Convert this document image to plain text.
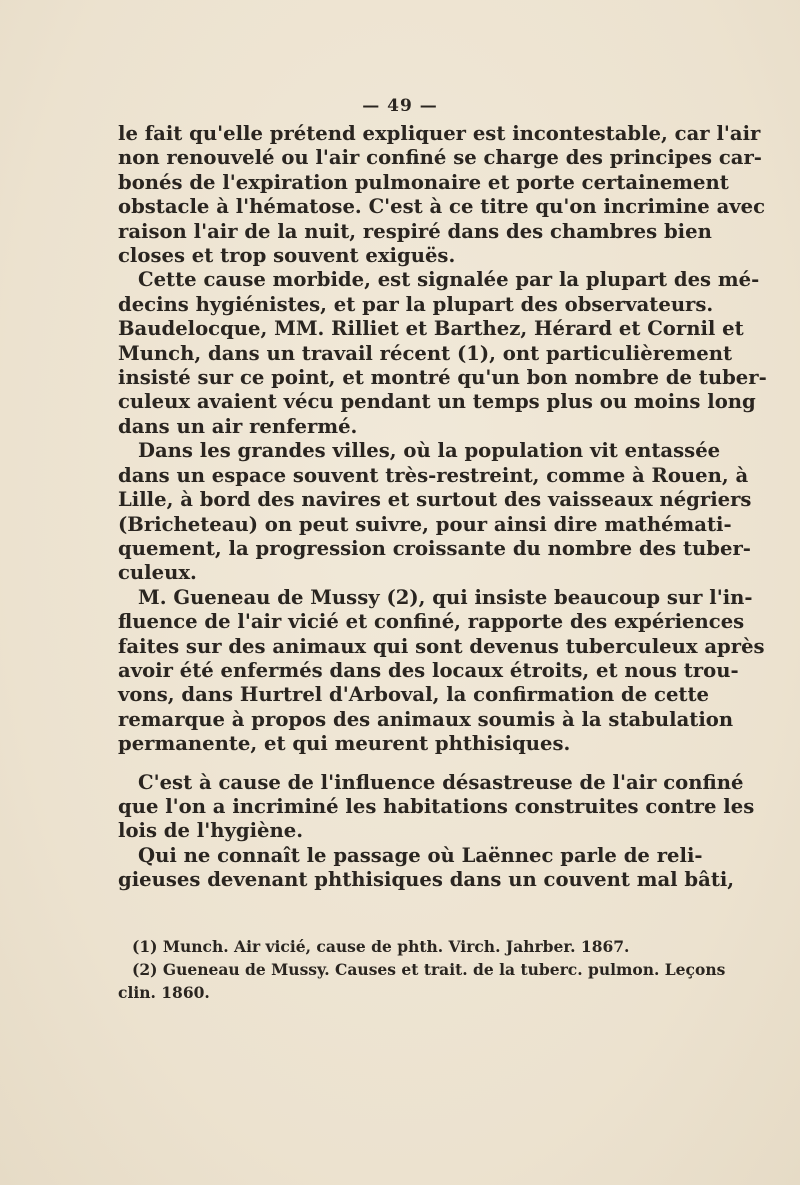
— 49 —
le fait qu'elle prétend expliquer est incontestable, car l'air
non renouvelé ou l'air confiné se charge des principes car-
bonés de l'expiration pulmonaire et porte certainement
obstacle à l'hématose. C'est à ce titre qu'on incrimine avec
raison l'air de la nuit, respiré dans des chambres bien
closes et trop souvent exiguës.
Cette cause morbide, est signalée par la plupart des mé-
decins hygiénistes, et par la plupart des observateurs.
Baudelocque, MM. Rilliet et Barthez, Hérard et Cornil et
Munch, dans un travail récent (1), ont particulièrement
insisté sur ce point, et montré qu'un bon nombre de tuber-
culeux avaient vécu pendant un temps plus ou moins long
dans un air renfermé.
Dans les grandes villes, où la population vit entassée
dans un espace souvent très-restreint, comme à Rouen, à
Lille, à bord des navires et surtout des vaisseaux négriers
(Bricheteau) on peut suivre, pour ainsi dire mathémati-
quement, la progression croissante du nombre des tuber-
culeux.
M. Gueneau de Mussy (2), qui insiste beaucoup sur l'in-
fluence de l'air vicié et confiné, rapporte des expériences
faites sur des animaux qui sont devenus tuberculeux après
avoir été enfermés dans des locaux étroits, et nous trou-
vons, dans Hurtrel d'Arboval, la confirmation de cette
remarque à propos des animaux soumis à la stabulation
permanente, et qui meurent phthisiques.
C'est à cause de l'influence désastreuse de l'air confiné
que l'on a incriminé les habitations construites contre les
lois de l'hygiène.
Qui ne connaît le passage où Laënnec parle de reli-
gieuses devenant phthisiques dans un couvent mal bâti,
(1) Munch. Air vicié, cause de phth. Virch. Jahrber. 1867.
(2) Gueneau de Mussy. Causes et trait. de la tuberc. pulmon. Leçons
clin. 1860.
